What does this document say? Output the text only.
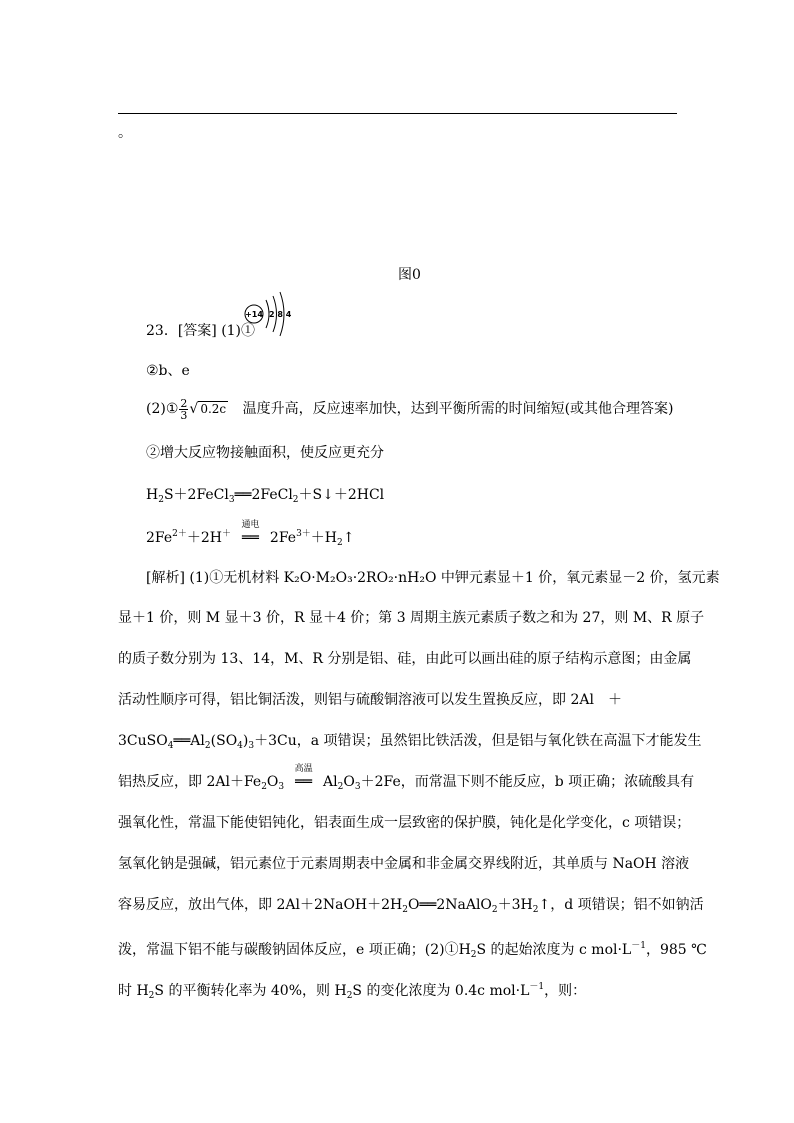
。
图0
23．[答案] (1)①
+14 2 8 4
②b、e
(2)① $\frac{2}{3}$ √ 0.2c 温度升高，反应速率加快，达到平衡所需的时间缩短(或其他合理答案)
②增大反应物接触面积，使反应更充分
$H_2S+2FeCl_3══2FeCl_2+S↓+2HCl$
$2Fe^{2+}+2H^+$
通电
══ $2Fe^{3+}+H_2↑$
[解析] (1)①无机材料 K₂O·M₂O₃·2RO₂·nH₂O 中钾元素显＋1 价，氧元素显－2 价，氢元素
显＋1 价，则 M 显＋3 价，R 显＋4 价；第 3 周期主族元素质子数之和为 27，则 M、R 原子
的质子数分别为 13、14，M、R 分别是铝、硅，由此可以画出硅的原子结构示意图；由金属
活动性顺序可得，铝比铜活泼，则铝与硫酸铜溶液可以发生置换反应，即 2Al　＋
$3CuSO_4══Al_2(SO_4)_3+3Cu$，a 项错误；虽然铝比铁活泼，但是铝与氧化铁在高温下才能发生
铝热反应，即 $2Al+Fe_2O_3$
高温
══ $Al_2O_3+2Fe$，而常温下则不能反应，b 项正确；浓硫酸具有
强氧化性，常温下能使铝钝化，铝表面生成一层致密的保护膜，钝化是化学变化，c 项错误；
氢氧化钠是强碱，铝元素位于元素周期表中金属和非金属交界线附近，其单质与 NaOH 溶液
容易反应，放出气体，即 $2Al+2NaOH+2H_2O══2NaAlO_2+3H_2↑$，d 项错误；铝不如钠活
泼，常温下铝不能与碳酸钠固体反应，e 项正确；$(2)①H_2S$ 的起始浓度为 c $mol\cdot L^{-1}$，985 ℃
时 $H_2S$ 的平衡转化率为 40%，则 $H_2S$ 的变化浓度为 0.4c $mol\cdot L^{-1}$，则：
